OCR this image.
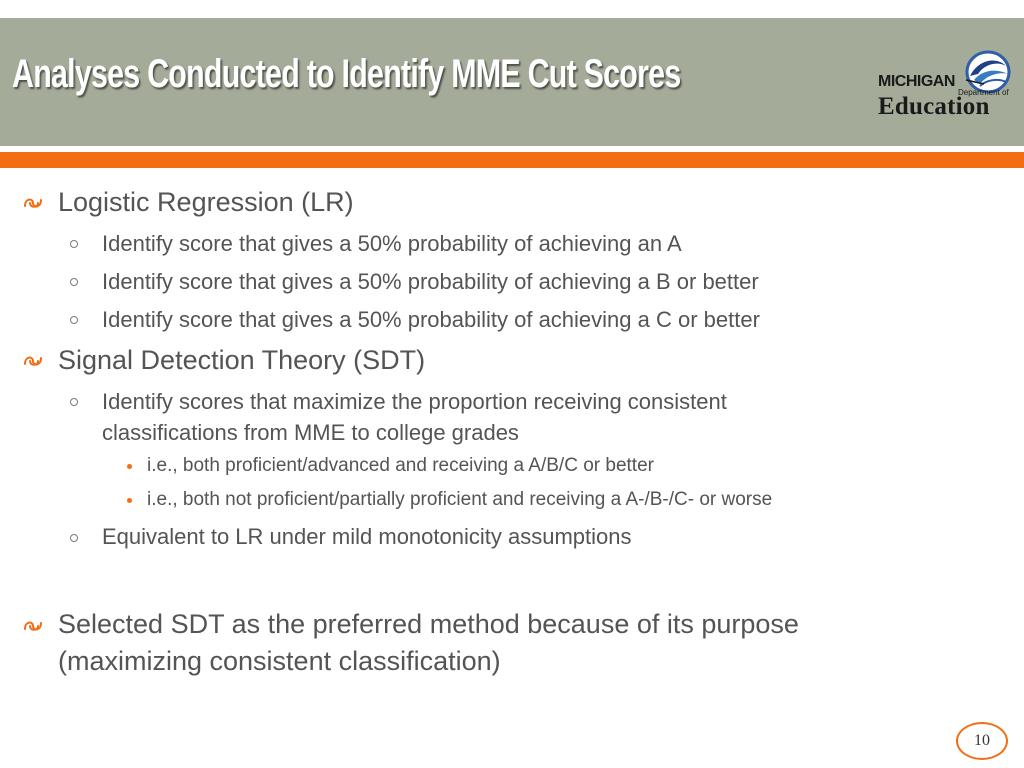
Analyses Conducted to Identify MME Cut Scores	MICHIGAN
Department of
Education
Logistic Regression (LR)
Identify score that gives a 50% probability of achieving an A
Identify score that gives a 50% probability of achieving a B or better
Identify score that gives a 50% probability of achieving a C or better
Signal Detection Theory (SDT)
Identify scores that maximize the proportion receiving consistent
classifications from MME to college grades
i.e., both proficient/advanced and receiving a A/B/C or better
i.e., both not proficient/partially proficient and receiving a A-/B-/C- or worse
Equivalent to LR under mild monotonicity assumptions
Selected SDT as the preferred method because of its purpose
(maximizing consistent classification)
10
